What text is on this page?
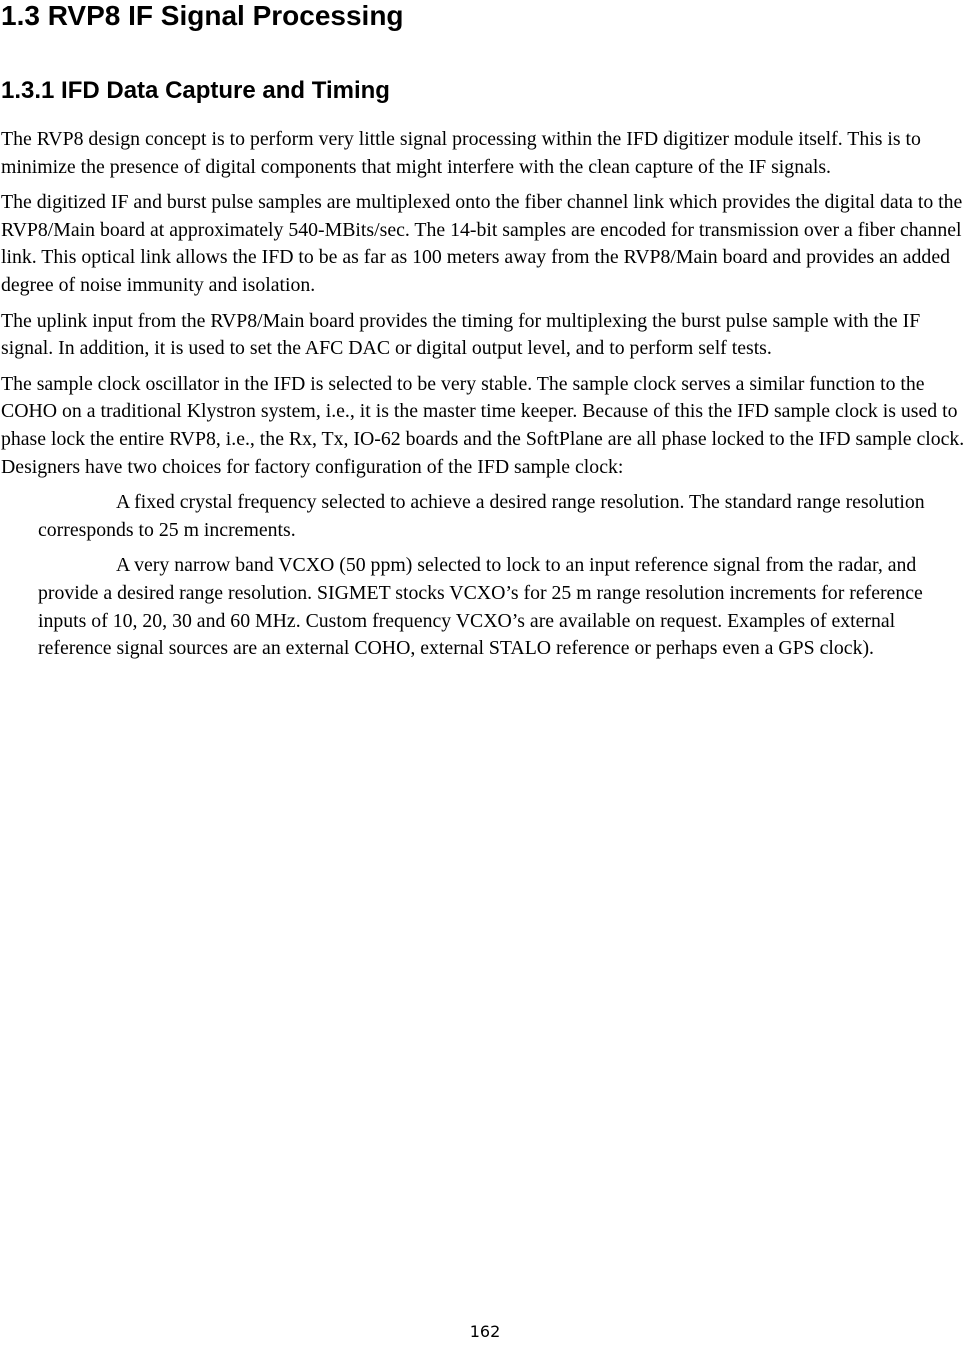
1.3 RVP8 IF Signal Processing
1.3.1 IFD Data Capture and Timing

The RVP8 design concept is to perform very little signal processing within the IFD digitizer module itself. This is to minimize the presence of digital components that might interfere with the clean capture of the IF signals.

The digitized IF and burst pulse samples are multiplexed onto the fiber channel link which provides the digital data to the RVP8/Main board at approximately 540-MBits/sec. The 14-bit samples are encoded for transmission over a fiber channel link. This optical link allows the IFD to be as far as 100 meters away from the RVP8/Main board and provides an added degree of noise immunity and isolation.

The uplink input from the RVP8/Main board provides the timing for multiplexing the burst pulse sample with the IF signal. In addition, it is used to set the AFC DAC or digital output level, and to perform self tests.

The sample clock oscillator in the IFD is selected to be very stable. The sample clock serves a similar function to the COHO on a traditional Klystron system, i.e., it is the master time keeper. Because of this the IFD sample clock is used to phase lock the entire RVP8, i.e., the Rx, Tx, IO-62 boards and the SoftPlane are all phase locked to the IFD sample clock. Designers have two choices for factory configuration of the IFD sample clock:

A fixed crystal frequency selected to achieve a desired range resolution. The standard range resolution corresponds to 25 m increments.

A very narrow band VCXO (50 ppm) selected to lock to an input reference signal from the radar, and provide a desired range resolution. SIGMET stocks VCXO’s for 25 m range resolution increments for reference inputs of 10, 20, 30 and 60 MHz. Custom frequency VCXO’s are available on request. Examples of external reference signal sources are an external COHO, external STALO reference or perhaps even a GPS clock).

162
